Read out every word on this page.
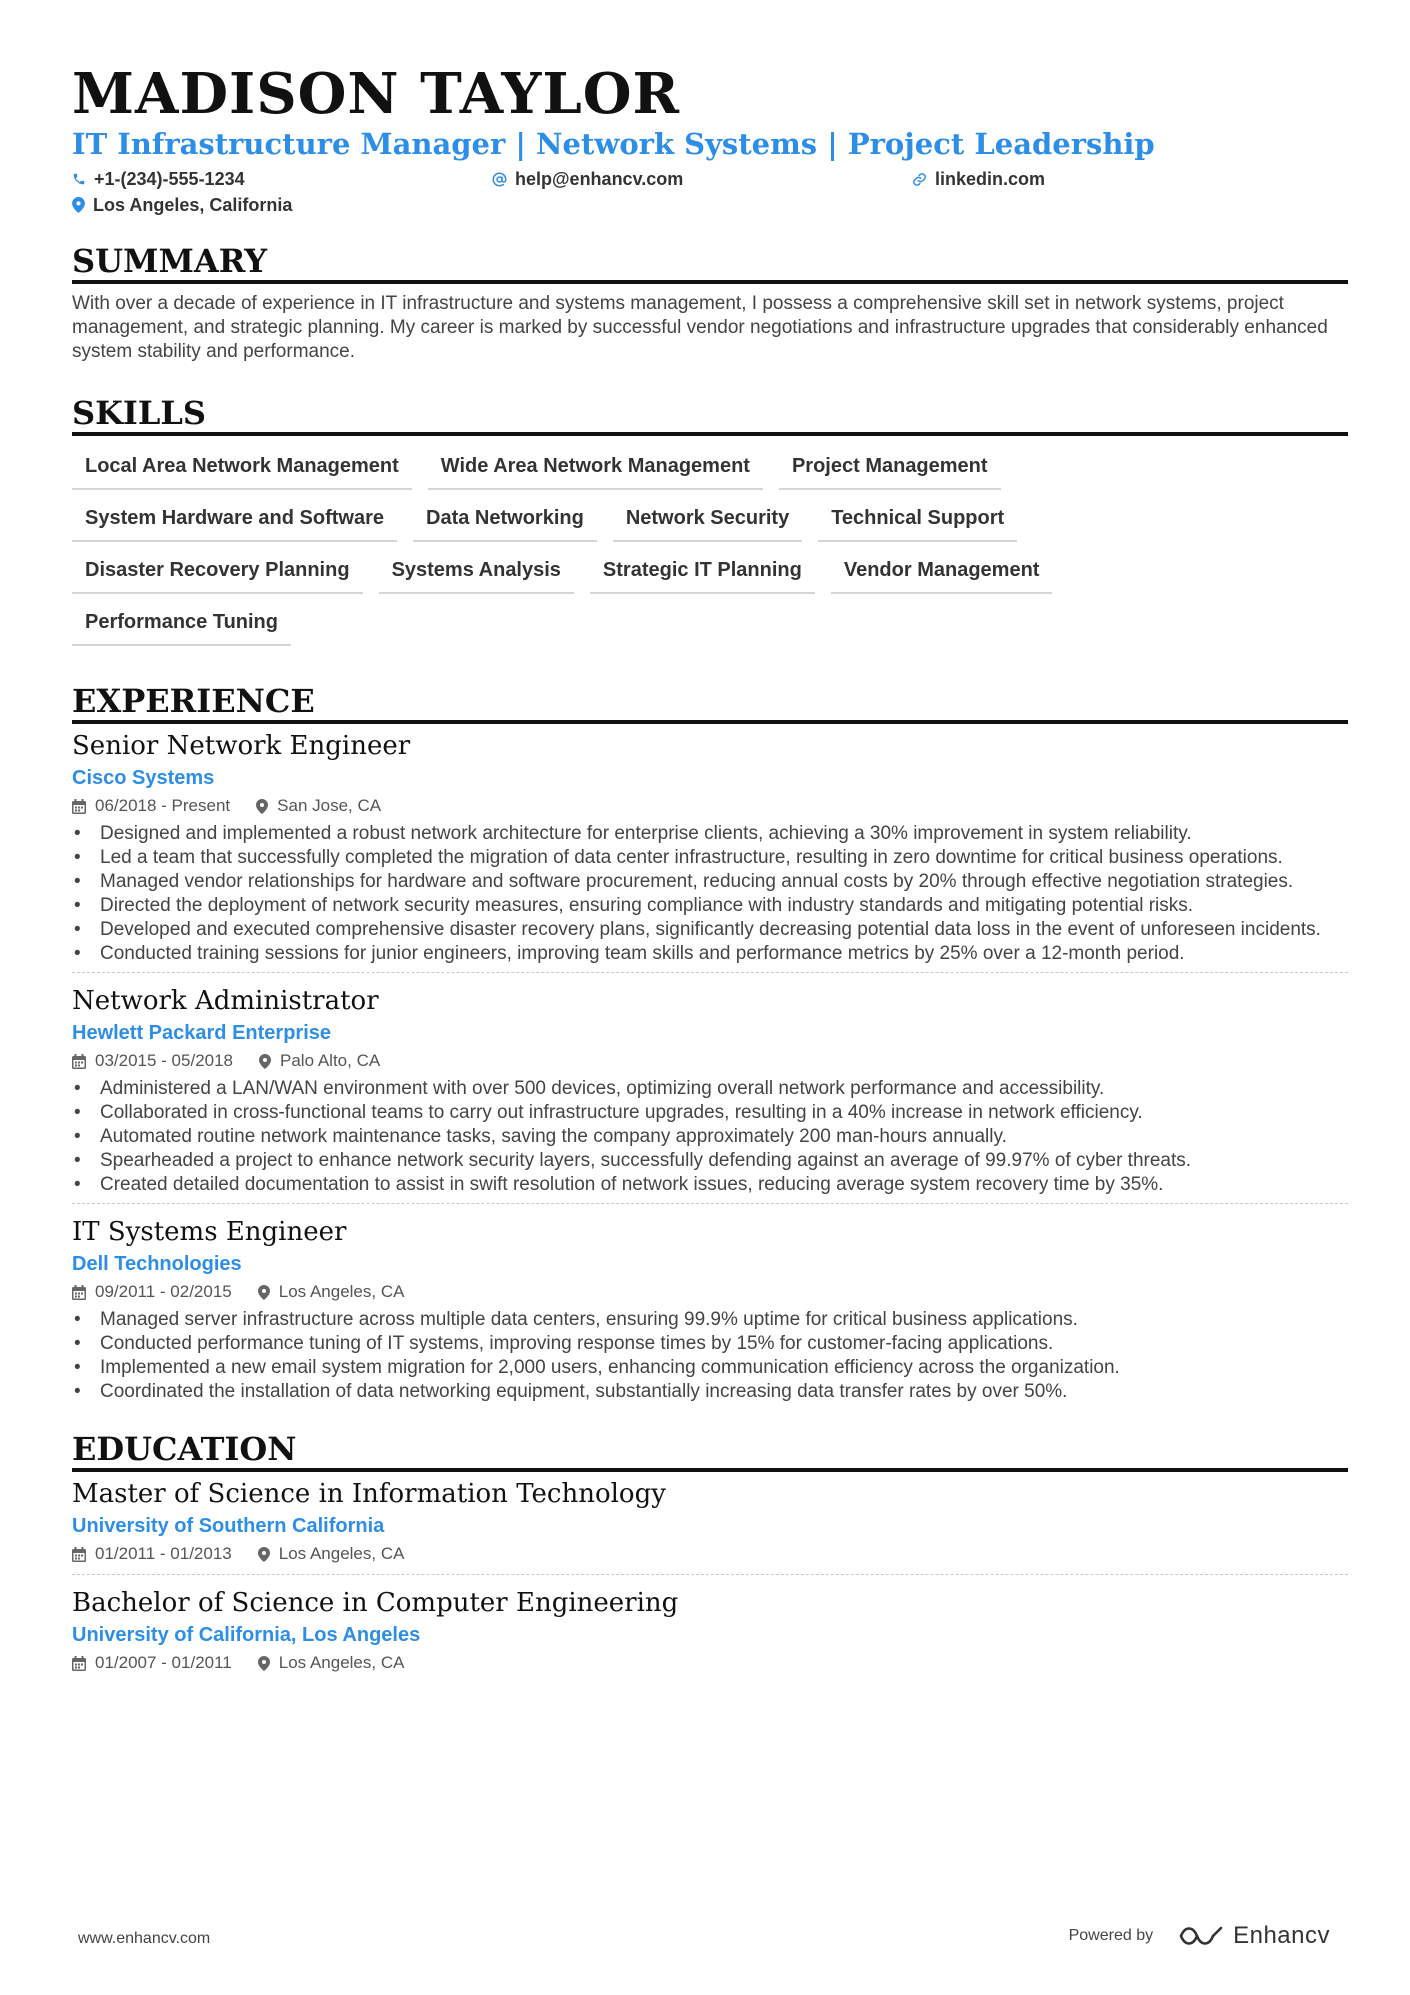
MADISON TAYLOR
IT Infrastructure Manager | Network Systems | Project Leadership
+1-(234)-555-1234	help@enhancv.com	linkedin.com
Los Angeles, California
SUMMARY
With over a decade of experience in IT infrastructure and systems management, I possess a comprehensive skill set in network systems, project management, and strategic planning. My career is marked by successful vendor negotiations and infrastructure upgrades that considerably enhanced system stability and performance.
SKILLS
Local Area Network Management	Wide Area Network Management	Project Management
System Hardware and Software	Data Networking	Network Security	Technical Support
Disaster Recovery Planning	Systems Analysis	Strategic IT Planning	Vendor Management
Performance Tuning
EXPERIENCE
Senior Network Engineer
Cisco Systems
06/2018 - Present	San Jose, CA
• Designed and implemented a robust network architecture for enterprise clients, achieving a 30% improvement in system reliability.
• Led a team that successfully completed the migration of data center infrastructure, resulting in zero downtime for critical business operations.
• Managed vendor relationships for hardware and software procurement, reducing annual costs by 20% through effective negotiation strategies.
• Directed the deployment of network security measures, ensuring compliance with industry standards and mitigating potential risks.
• Developed and executed comprehensive disaster recovery plans, significantly decreasing potential data loss in the event of unforeseen incidents.
• Conducted training sessions for junior engineers, improving team skills and performance metrics by 25% over a 12-month period.
Network Administrator
Hewlett Packard Enterprise
03/2015 - 05/2018	Palo Alto, CA
• Administered a LAN/WAN environment with over 500 devices, optimizing overall network performance and accessibility.
• Collaborated in cross-functional teams to carry out infrastructure upgrades, resulting in a 40% increase in network efficiency.
• Automated routine network maintenance tasks, saving the company approximately 200 man-hours annually.
• Spearheaded a project to enhance network security layers, successfully defending against an average of 99.97% of cyber threats.
• Created detailed documentation to assist in swift resolution of network issues, reducing average system recovery time by 35%.
IT Systems Engineer
Dell Technologies
09/2011 - 02/2015	Los Angeles, CA
• Managed server infrastructure across multiple data centers, ensuring 99.9% uptime for critical business applications.
• Conducted performance tuning of IT systems, improving response times by 15% for customer-facing applications.
• Implemented a new email system migration for 2,000 users, enhancing communication efficiency across the organization.
• Coordinated the installation of data networking equipment, substantially increasing data transfer rates by over 50%.
EDUCATION
Master of Science in Information Technology
University of Southern California
01/2011 - 01/2013	Los Angeles, CA
Bachelor of Science in Computer Engineering
University of California, Los Angeles
01/2007 - 01/2011	Los Angeles, CA
www.enhancv.com	Powered by	Enhancv
